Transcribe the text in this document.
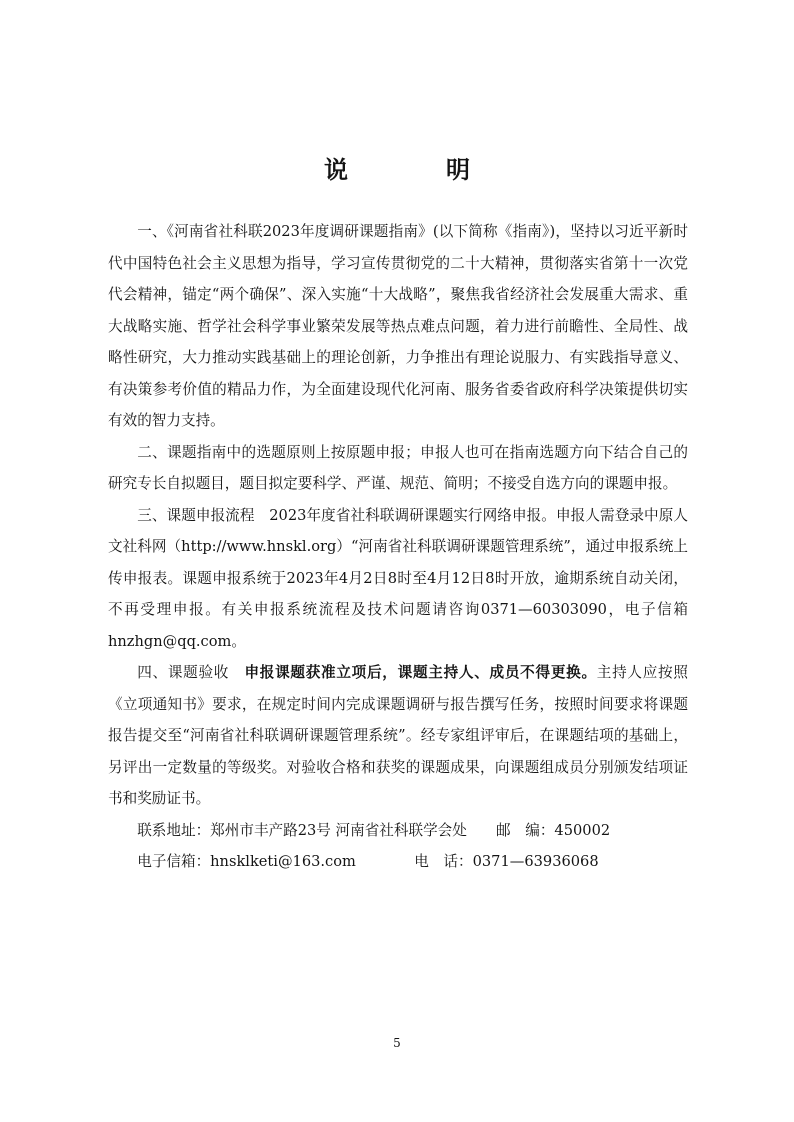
说明

一、《河南省社科联2023年度调研课题指南》(以下简称《指南》)，坚持以习近平新时代中国特色社会主义思想为指导，学习宣传贯彻党的二十大精神，贯彻落实省第十一次党代会精神，锚定“两个确保”、深入实施“十大战略”，聚焦我省经济社会发展重大需求、重大战略实施、哲学社会科学事业繁荣发展等热点难点问题，着力进行前瞻性、全局性、战略性研究，大力推动实践基础上的理论创新，力争推出有理论说服力、有实践指导意义、有决策参考价值的精品力作，为全面建设现代化河南、服务省委省政府科学决策提供切实有效的智力支持。

二、课题指南中的选题原则上按原题申报；申报人也可在指南选题方向下结合自己的研究专长自拟题目，题目拟定要科学、严谨、规范、简明；不接受自选方向的课题申报。

三、课题申报流程　2023年度省社科联调研课题实行网络申报。申报人需登录中原人文社科网（http://www.hnskl.org）“河南省社科联调研课题管理系统”，通过申报系统上传申报表。课题申报系统于2023年4月2日8时至4月12日8时开放，逾期系统自动关闭，不再受理申报。有关申报系统流程及技术问题请咨询0371—60303090，电子信箱hnzhgn@qq.com。

四、课题验收　申报课题获准立项后，课题主持人、成员不得更换。主持人应按照《立项通知书》要求，在规定时间内完成课题调研与报告撰写任务，按照时间要求将课题报告提交至“河南省社科联调研课题管理系统”。经专家组评审后，在课题结项的基础上，另评出一定数量的等级奖。对验收合格和获奖的课题成果，向课题组成员分别颁发结项证书和奖励证书。

联系地址：郑州市丰产路23号 河南省社科联学会处　　邮　编：450002

电子信箱：hnsklketi@163.com　　　　电　话：0371—63936068

5
